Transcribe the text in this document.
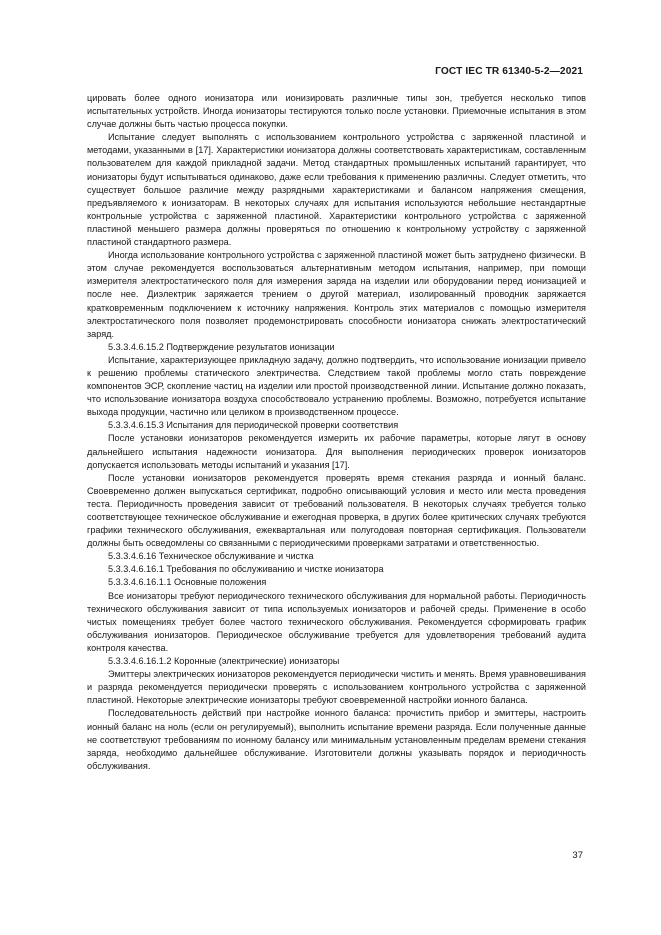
ГОСТ IEC TR 61340-5-2—2021

цировать более одного ионизатора или ионизировать различные типы зон, требуется несколько типов испытательных устройств. Иногда ионизаторы тестируются только после установки. Приемочные испытания в этом случае должны быть частью процесса покупки.

Испытание следует выполнять с использованием контрольного устройства с заряженной пластиной и методами, указанными в [17]. Характеристики ионизатора должны соответствовать характеристикам, составленным пользователем для каждой прикладной задачи. Метод стандартных промышленных испытаний гарантирует, что ионизаторы будут испытываться одинаково, даже если требования к применению различны. Следует отметить, что существует большое различие между разрядными характеристиками и балансом напряжения смещения, предъявляемого к ионизаторам. В некоторых случаях для испытания используются небольшие нестандартные контрольные устройства с заряженной пластиной. Характеристики контрольного устройства с заряженной пластиной меньшего размера должны проверяться по отношению к контрольному устройству с заряженной пластиной стандартного размера.

Иногда использование контрольного устройства с заряженной пластиной может быть затруднено физически. В этом случае рекомендуется воспользоваться альтернативным методом испытания, например, при помощи измерителя электростатического поля для измерения заряда на изделии или оборудовании перед ионизацией и после нее. Диэлектрик заряжается трением о другой материал, изолированный проводник заряжается кратковременным подключением к источнику напряжения. Контроль этих материалов с помощью измерителя электростатического поля позволяет продемонстрировать способности ионизатора снижать электростатический заряд.

5.3.3.4.6.15.2 Подтверждение результатов ионизации

Испытание, характеризующее прикладную задачу, должно подтвердить, что использование ионизации привело к решению проблемы статического электричества. Следствием такой проблемы могло стать повреждение компонентов ЭСР, скопление частиц на изделии или простой производственной линии. Испытание должно показать, что использование ионизатора воздуха способствовало устранению проблемы. Возможно, потребуется испытание выхода продукции, частично или целиком в производственном процессе.

5.3.3.4.6.15.3 Испытания для периодической проверки соответствия

После установки ионизаторов рекомендуется измерить их рабочие параметры, которые лягут в основу дальнейшего испытания надежности ионизатора. Для выполнения периодических проверок ионизаторов допускается использовать методы испытаний и указания [17].

После установки ионизаторов рекомендуется проверять время стекания разряда и ионный баланс. Своевременно должен выпускаться сертификат, подробно описывающий условия и место или места проведения теста. Периодичность проведения зависит от требований пользователя. В некоторых случаях требуется только соответствующее техническое обслуживание и ежегодная проверка, в других более критических случаях требуются графики технического обслуживания, ежеквартальная или полугодовая повторная сертификация. Пользователи должны быть осведомлены со связанными с периодическими проверками затратами и ответственностью.

5.3.3.4.6.16 Техническое обслуживание и чистка

5.3.3.4.6.16.1 Требования по обслуживанию и чистке ионизатора

5.3.3.4.6.16.1.1 Основные положения

Все ионизаторы требуют периодического технического обслуживания для нормальной работы. Периодичность технического обслуживания зависит от типа используемых ионизаторов и рабочей среды. Применение в особо чистых помещениях требует более частого технического обслуживания. Рекомендуется сформировать график обслуживания ионизаторов. Периодическое обслуживание требуется для удовлетворения требований аудита контроля качества.

5.3.3.4.6.16.1.2 Коронные (электрические) ионизаторы

Эмиттеры электрических ионизаторов рекомендуется периодически чистить и менять. Время уравновешивания и разряда рекомендуется периодически проверять с использованием контрольного устройства с заряженной пластиной. Некоторые электрические ионизаторы требуют своевременной настройки ионного баланса.

Последовательность действий при настройке ионного баланса: прочистить прибор и эмиттеры, настроить ионный баланс на ноль (если он регулируемый), выполнить испытание времени разряда. Если полученные данные не соответствуют требованиям по ионному балансу или минимальным установленным пределам времени стекания заряда, необходимо дальнейшее обслуживание. Изготовители должны указывать порядок и периодичность обслуживания.

37
